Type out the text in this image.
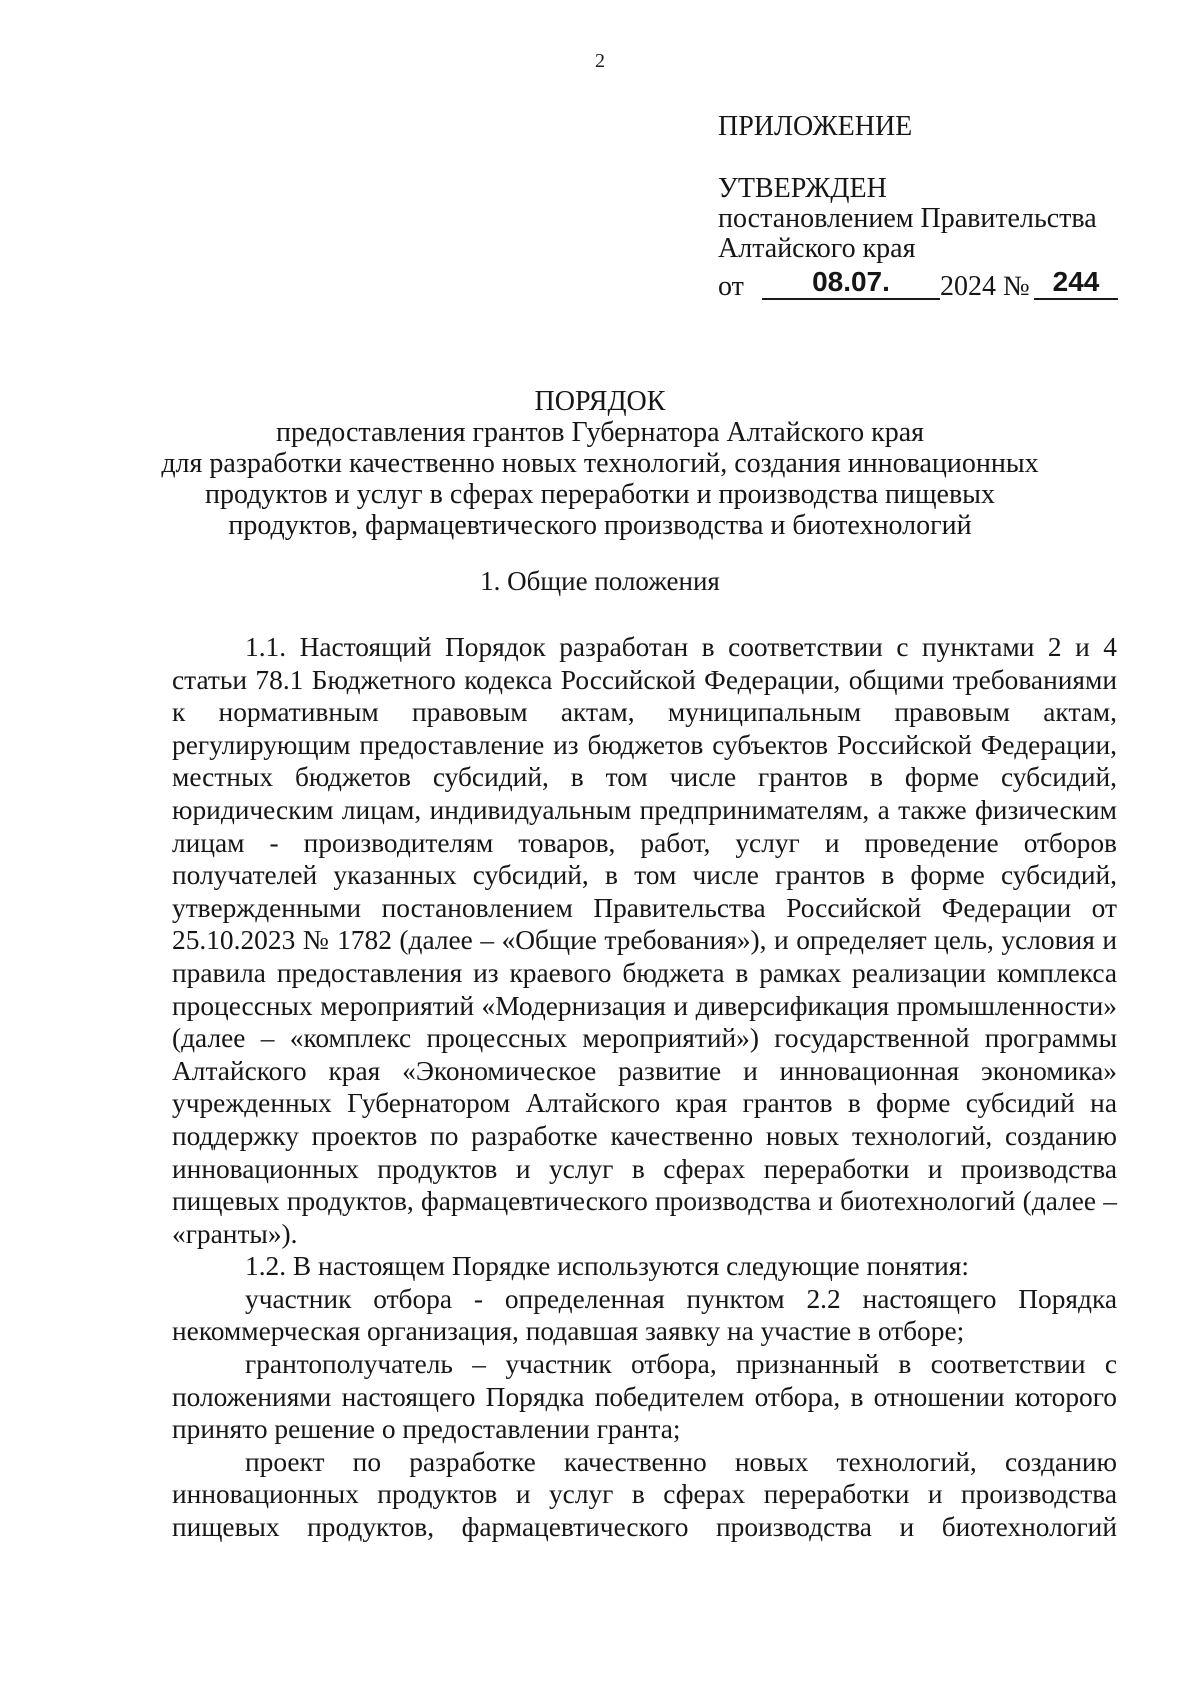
2

ПРИЛОЖЕНИЕ

УТВЕРЖДЕН

постановлением Правительства

Алтайского края

от	08.07.	2024 № 244

ПОРЯДОК

предоставления грантов Губернатора Алтайского края

для разработки качественно новых технологий, создания инновационных

продуктов и услуг в сферах переработки и производства пищевых

продуктов, фармацевтического производства и биотехнологий

1. Общие положения

1.1. Настоящий Порядок разработан в соответствии с пунктами 2 и 4 статьи 78.1 Бюджетного кодекса Российской Федерации, общими требованиями к нормативным правовым актам, муниципальным правовым актам, регулирующим предоставление из бюджетов субъектов Российской Федерации, местных бюджетов субсидий, в том числе грантов в форме субсидий, юридическим лицам, индивидуальным предпринимателям, а также физическим лицам - производителям товаров, работ, услуг и проведение отборов получателей указанных субсидий, в том числе грантов в форме субсидий, утвержденными постановлением Правительства Российской Федерации от 25.10.2023 № 1782 (далее – «Общие требования»), и определяет цель, условия и правила предоставления из краевого бюджета в рамках реализации комплекса процессных мероприятий «Модернизация и диверсификация промышленности» (далее – «комплекс процессных мероприятий») государственной программы Алтайского края «Экономическое развитие и инновационная экономика» учрежденных Губернатором Алтайского края грантов в форме субсидий на поддержку проектов по разработке качественно новых технологий, созданию инновационных продуктов и услуг в сферах переработки и производства пищевых продуктов, фармацевтического производства и биотехнологий (далее – «гранты»).

1.2. В настоящем Порядке используются следующие понятия:

участник отбора - определенная пунктом 2.2 настоящего Порядка некоммерческая организация, подавшая заявку на участие в отборе;

грантополучатель – участник отбора, признанный в соответствии с положениями настоящего Порядка победителем отбора, в отношении которого принято решение о предоставлении гранта;

проект по разработке качественно новых технологий, созданию инновационных продуктов и услуг в сферах переработки и производства пищевых продуктов, фармацевтического производства и биотехнологий
